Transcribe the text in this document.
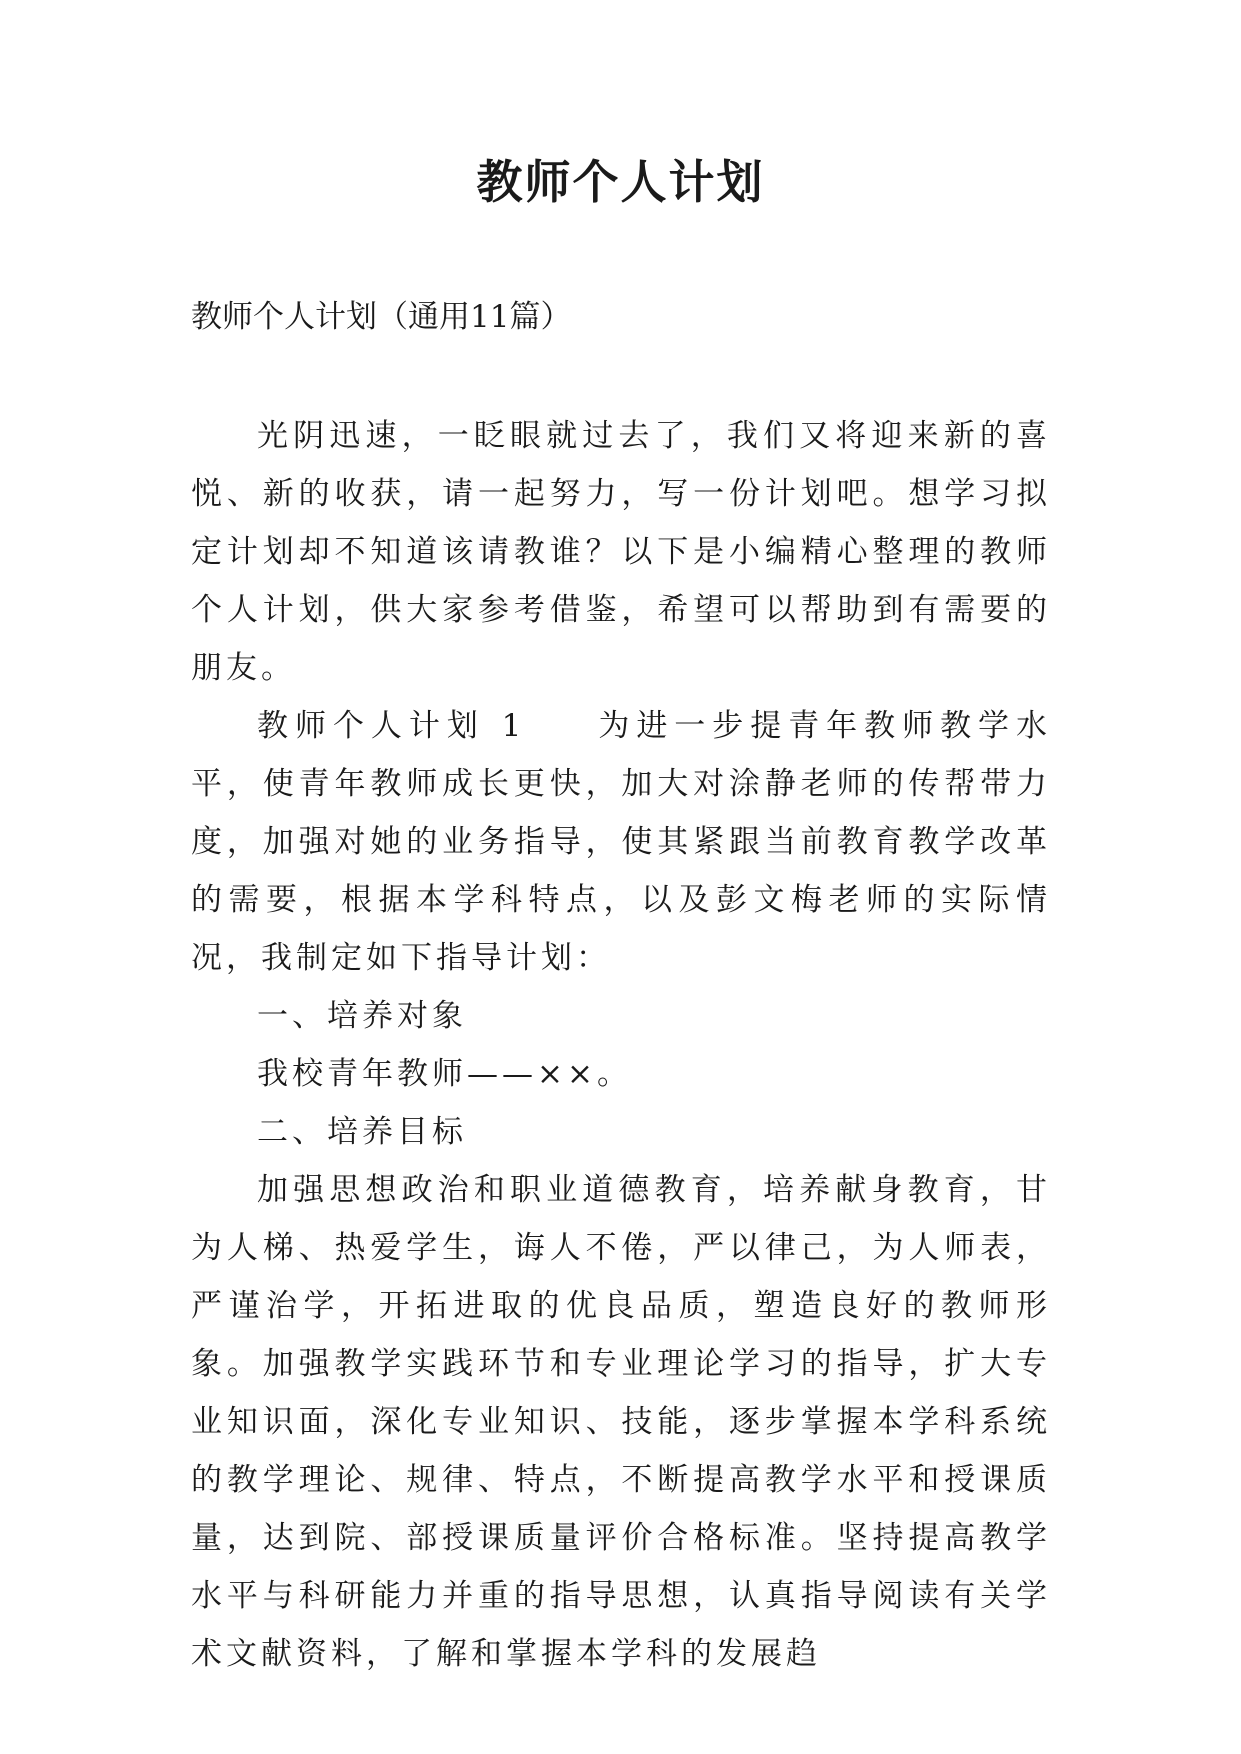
教师个人计划

教师个人计划（通用11篇）

光阴迅速，一眨眼就过去了，我们又将迎来新的喜悦、新的收获，请一起努力，写一份计划吧。想学习拟定计划却不知道该请教谁？以下是小编精心整理的教师个人计划，供大家参考借鉴，希望可以帮助到有需要的朋友。

教师个人计划 1 为进一步提青年教师教学水平，使青年教师成长更快，加大对涂静老师的传帮带力度，加强对她的业务指导，使其紧跟当前教育教学改革的需要，根据本学科特点，以及彭文梅老师的实际情况，我制定如下指导计划：

一、培养对象

我校青年教师——××。

二、培养目标

加强思想政治和职业道德教育，培养献身教育，甘为人梯、热爱学生，诲人不倦，严以律己，为人师表，严谨治学，开拓进取的优良品质，塑造良好的教师形象。加强教学实践环节和专业理论学习的指导，扩大专业知识面，深化专业知识、技能，逐步掌握本学科系统的教学理论、规律、特点，不断提高教学水平和授课质量，达到院、部授课质量评价合格标准。坚持提高教学水平与科研能力并重的指导思想，认真指导阅读有关学术文献资料，了解和掌握本学科的发展趋
